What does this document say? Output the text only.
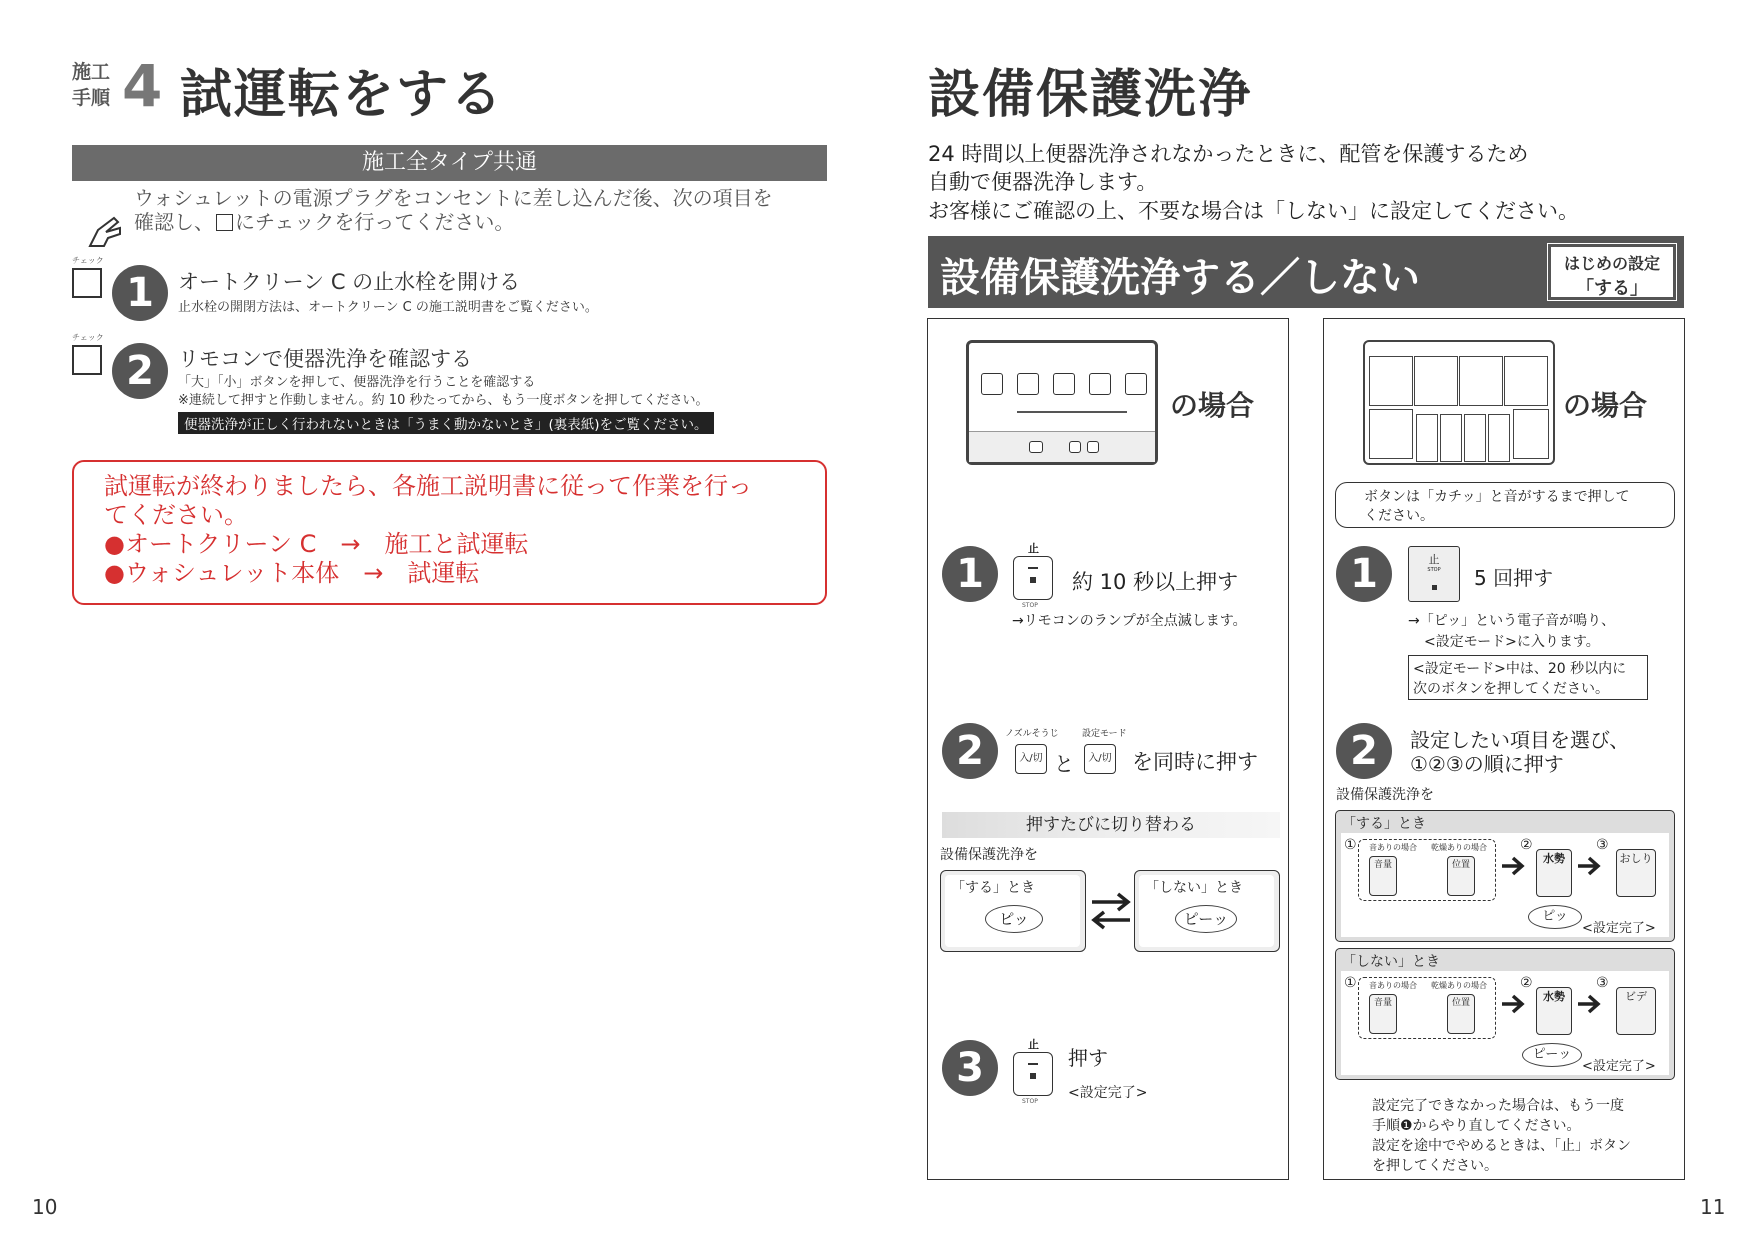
施工
手順 4 試運転をする
施工全タイプ共通
ウォシュレットの電源プラグをコンセントに差し込んだ後、次の項目を
確認し、 にチェックを行ってください。
チェック
1	オートクリーン C の止水栓を開ける
止水栓の開閉方法は、オートクリーン C の施工説明書をご覧ください。
チェック
2	リモコンで便器洗浄を確認する
「大」「小」ボタンを押して、便器洗浄を行うことを確認する
※連続して押すと作動しません。約 10 秒たってから、もう一度ボタンを押してください。
便器洗浄が正しく行われないときは「うまく動かないとき」(裏表紙)をご覧ください。
試運転が終わりましたら、各施工説明書に従って作業を行っ
てください。
●オートクリーン C　→　施工と試運転
●ウォシュレット本体　→　試運転
10
設備保護洗浄
24 時間以上便器洗浄されなかったときに、配管を保護するため
自動で便器洗浄します。
お客様にご確認の上、不要な場合は「しない」に設定してください。
設備保護洗浄する／しない	はじめの設定
「する」
の場合
1
止
STOP
約 10 秒以上押す
→リモコンのランプが全点滅します。
2	ノズルそうじ	設定モード
入/切 と	入/切 を同時に押す
押すたびに切り替わる
設備保護洗浄を
「する」とき
ピッ
「しない」とき
ピーッ
3
止
STOP
押す
<設定完了>
の場合
ボタンは「カチッ」と音がするまで押して
ください。
1	止
STOP	5 回押す
→「ピッ」という電子音が鳴り、
<設定モード>に入ります。
<設定モード>中は、20 秒以内に
次のボタンを押してください。
2	設定したい項目を選び、
①②③の順に押す
設備保護洗浄を
「する」とき
① 音ありの場合 乾燥ありの場合
音量	位置
②
水勢
③
おしり
ピッ
<設定完了>
「しない」とき
① 音ありの場合 乾燥ありの場合
音量	位置
②
水勢
③
ビデ
ピーッ
<設定完了>
設定完了できなかった場合は、もう一度
手順❶からやり直してください。
設定を途中でやめるときは、「止」ボタン
を押してください。
11
